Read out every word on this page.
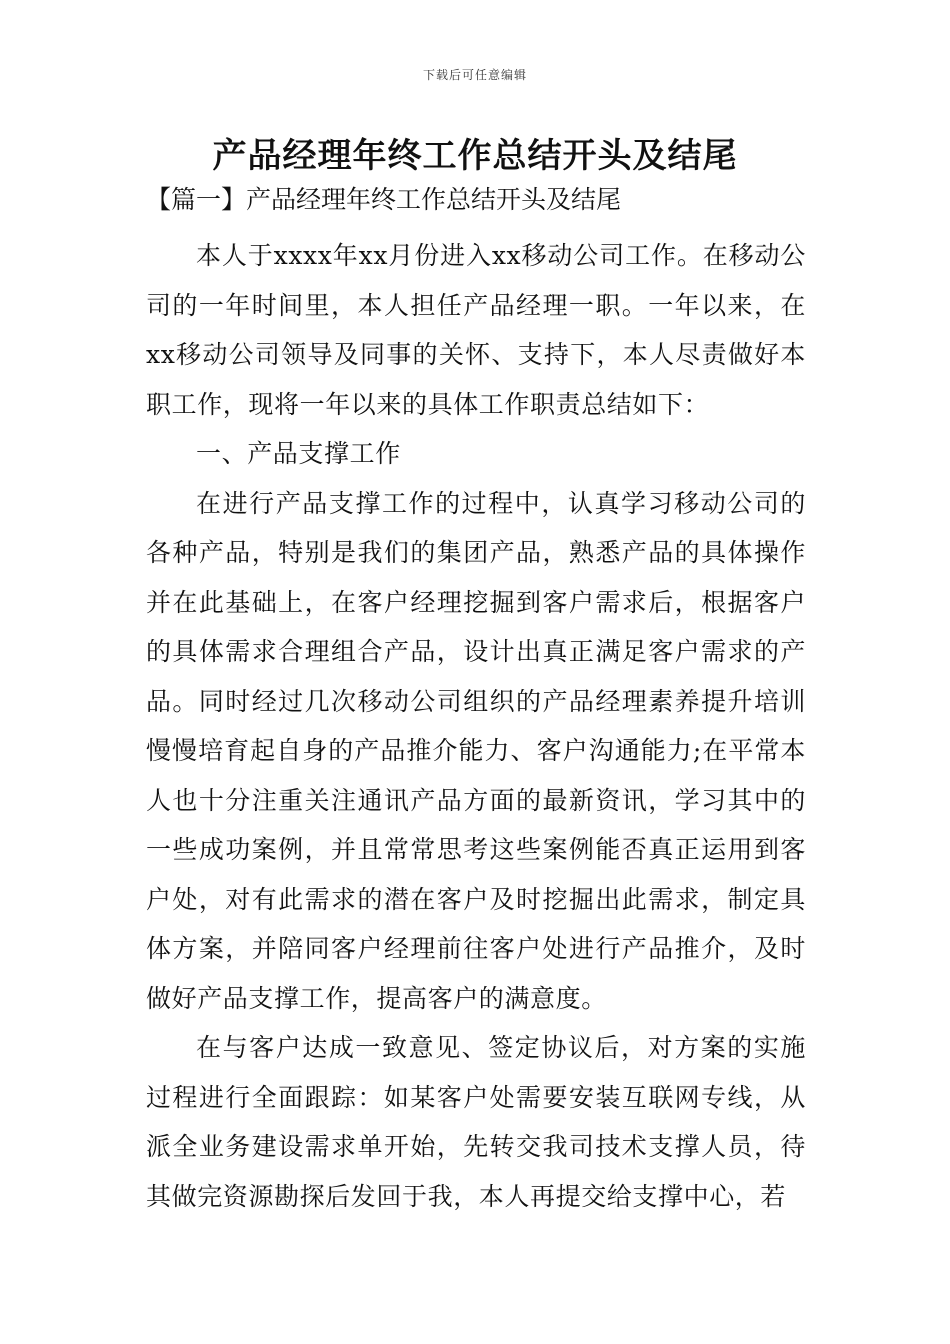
下载后可任意编辑
产品经理年终工作总结开头及结尾
【篇一】产品经理年终工作总结开头及结尾

本人于xxxx年xx月份进入xx移动公司工作。在移动公司的一年时间里，本人担任产品经理一职。一年以来，在xx移动公司领导及同事的关怀、支持下，本人尽责做好本职工作，现将一年以来的具体工作职责总结如下：

一、产品支撑工作

在进行产品支撑工作的过程中，认真学习移动公司的各种产品，特别是我们的集团产品，熟悉产品的具体操作并在此基础上，在客户经理挖掘到客户需求后，根据客户的具体需求合理组合产品，设计出真正满足客户需求的产品。同时经过几次移动公司组织的产品经理素养提升培训慢慢培育起自身的产品推介能力、客户沟通能力;在平常本人也十分注重关注通讯产品方面的最新资讯，学习其中的一些成功案例，并且常常思考这些案例能否真正运用到客户处，对有此需求的潜在客户及时挖掘出此需求，制定具体方案，并陪同客户经理前往客户处进行产品推介，及时做好产品支撑工作，提高客户的满意度。

在与客户达成一致意见、签定协议后，对方案的实施过程进行全面跟踪：如某客户处需要安装互联网专线，从派全业务建设需求单开始，先转交我司技术支撑人员，待其做完资源勘探后发回于我，本人再提交给支撑中心，若
